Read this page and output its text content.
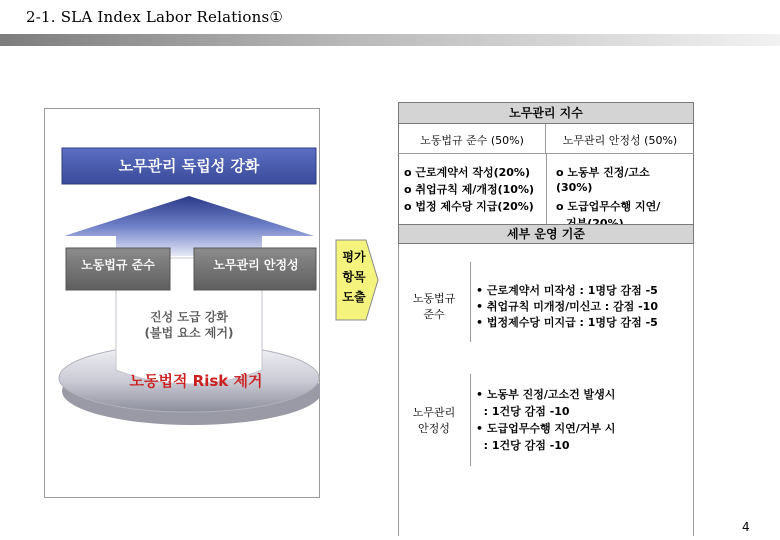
2-1. SLA Index Labor Relations①
노무관리 독립성 강화
노동법규 준수	노무관리 안정성
진성 도급 강화
(불법 요소 제거)
노동법적 Risk 제거
평가
항목
도출
노무관리 지수
노동법규 준수 (50%)	노무관리 안정성 (50%)
o 근로계약서 작성(20%)
o 취업규칙 제/개정(10%)
o 법정 제수당 지급(20%)
o 노동부 진정/고소
(30%)
o 도급업무수행 지연/
세부 운영 기준
노동법규
준수
• 근로계약서 미작성 : 1명당 감점 -5
• 취업규칙 미개정/미신고 : 감점 -10
• 법정제수당 미지급 : 1명당 감점 -5
노무관리
안정성
• 노동부 진정/고소건 발생시
: 1건당 감점 -10
• 도급업무수행 지연/거부 시
: 1건당 감점 -10
4
